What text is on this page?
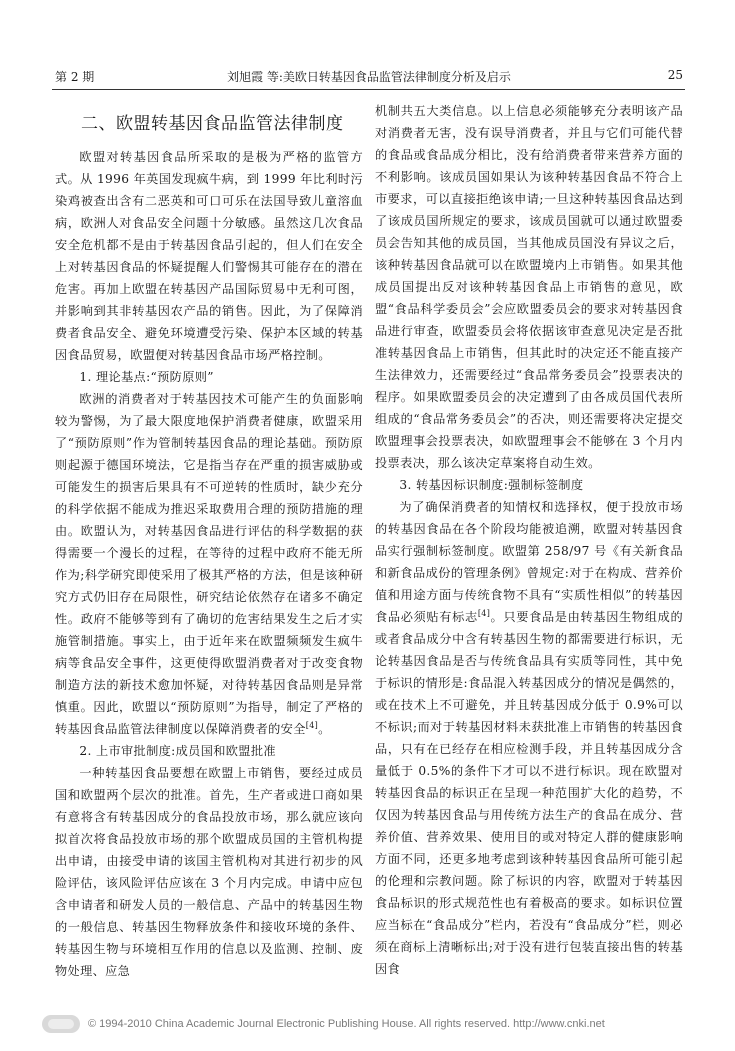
第 2 期	刘旭霞 等:美欧日转基因食品监管法律制度分析及启示	25
二、欧盟转基因食品监管法律制度

欧盟对转基因食品所采取的是极为严格的监管方式。从 1996 年英国发现疯牛病，到 1999 年比利时污染鸡被查出含有二恶英和可口可乐在法国导致儿童溶血病，欧洲人对食品安全问题十分敏感。虽然这几次食品安全危机都不是由于转基因食品引起的，但人们在安全上对转基因食品的怀疑提醒人们警惕其可能存在的潜在危害。再加上欧盟在转基因产品国际贸易中无利可图，并影响到其非转基因农产品的销售。因此，为了保障消费者食品安全、避免环境遭受污染、保护本区域的转基因食品贸易，欧盟便对转基因食品市场严格控制。

1. 理论基点:“预防原则”

欧洲的消费者对于转基因技术可能产生的负面影响较为警惕，为了最大限度地保护消费者健康，欧盟采用了“预防原则”作为管制转基因食品的理论基础。预防原则起源于德国环境法，它是指当存在严重的损害威胁或可能发生的损害后果具有不可逆转的性质时，缺少充分的科学依据不能成为推迟采取费用合理的预防措施的理由。欧盟认为，对转基因食品进行评估的科学数据的获得需要一个漫长的过程，在等待的过程中政府不能无所作为;科学研究即使采用了极其严格的方法，但是该种研究方式仍旧存在局限性，研究结论依然存在诸多不确定性。政府不能够等到有了确切的危害结果发生之后才实施管制措施。事实上，由于近年来在欧盟频频发生疯牛病等食品安全事件，这更使得欧盟消费者对于改变食物制造方法的新技术愈加怀疑，对待转基因食品则是异常慎重。因此，欧盟以“预防原则”为指导，制定了严格的转基因食品监管法律制度以保障消费者的安全[4]。

2. 上市审批制度:成员国和欧盟批准

一种转基因食品要想在欧盟上市销售，要经过成员国和欧盟两个层次的批准。首先，生产者或进口商如果有意将含有转基因成分的食品投放市场，那么就应该向拟首次将食品投放市场的那个欧盟成员国的主管机构提出申请，由接受申请的该国主管机构对其进行初步的风险评估，该风险评估应该在 3 个月内完成。申请中应包含申请者和研发人员的一般信息、产品中的转基因生物的一般信息、转基因生物释放条件和接收环境的条件、转基因生物与环境相互作用的信息以及监测、控制、废物处理、应急

机制共五大类信息。以上信息必须能够充分表明该产品对消费者无害，没有误导消费者，并且与它们可能代替的食品或食品成分相比，没有给消费者带来营养方面的不利影响。该成员国如果认为该种转基因食品不符合上市要求，可以直接拒绝该申请;一旦这种转基因食品达到了该成员国所规定的要求，该成员国就可以通过欧盟委员会告知其他的成员国，当其他成员国没有异议之后，该种转基因食品就可以在欧盟境内上市销售。如果其他成员国提出反对该种转基因食品上市销售的意见，欧盟“食品科学委员会”会应欧盟委员会的要求对转基因食品进行审查，欧盟委员会将依据该审查意见决定是否批准转基因食品上市销售，但其此时的决定还不能直接产生法律效力，还需要经过“食品常务委员会”投票表决的程序。如果欧盟委员会的决定遭到了由各成员国代表所组成的“食品常务委员会”的否决，则还需要将决定提交欧盟理事会投票表决，如欧盟理事会不能够在 3 个月内投票表决，那么该决定草案将自动生效。

3. 转基因标识制度:强制标签制度

为了确保消费者的知情权和选择权，便于投放市场的转基因食品在各个阶段均能被追溯，欧盟对转基因食品实行强制标签制度。欧盟第 258/97 号《有关新食品和新食品成份的管理条例》曾规定:对于在构成、营养价值和用途方面与传统食物不具有“实质性相似”的转基因食品必须贴有标志[4]。只要食品是由转基因生物组成的或者食品成分中含有转基因生物的都需要进行标识，无论转基因食品是否与传统食品具有实质等同性，其中免于标识的情形是:食品混入转基因成分的情况是偶然的，或在技术上不可避免，并且转基因成分低于 0.9%可以不标识;而对于转基因材料未获批准上市销售的转基因食品，只有在已经存在相应检测手段，并且转基因成分含量低于 0.5%的条件下才可以不进行标识。现在欧盟对转基因食品的标识正在呈现一种范围扩大化的趋势，不仅因为转基因食品与用传统方法生产的食品在成分、营养价值、营养效果、使用目的或对特定人群的健康影响方面不同，还更多地考虑到该种转基因食品所可能引起的伦理和宗教问题。除了标识的内容，欧盟对于转基因食品标识的形式规范性也有着极高的要求。如标识位置应当标在“食品成分”栏内，若没有“食品成分”栏，则必须在商标上清晰标出;对于没有进行包装直接出售的转基因食

© 1994-2010 China Academic Journal Electronic Publishing House. All rights reserved. http://www.cnki.net
